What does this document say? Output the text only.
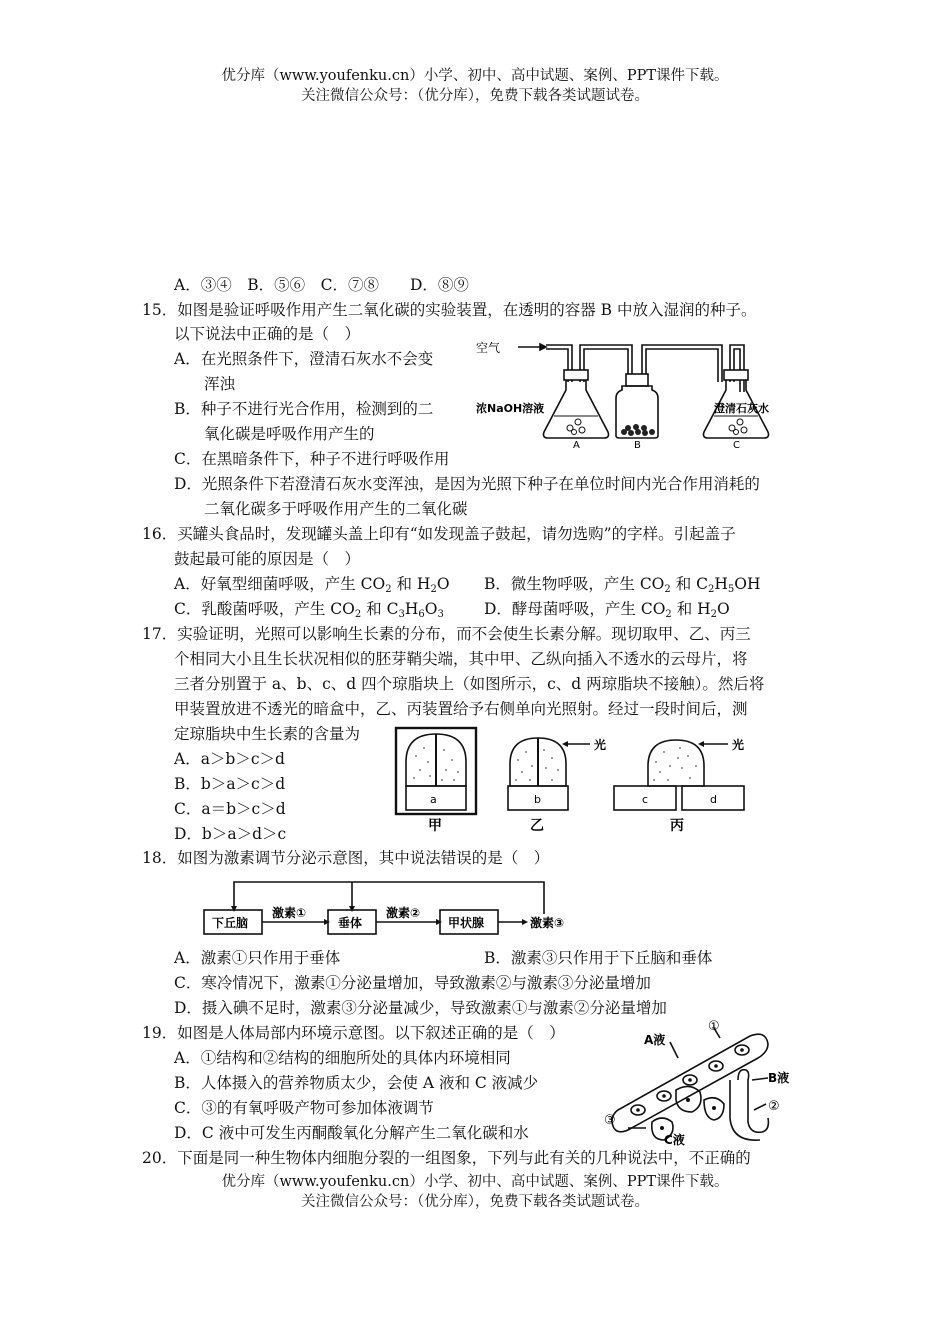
优分库（www.youfenku.cn）小学、初中、高中试题、案例、PPT课件下载。
关注微信公众号：（优分库），免费下载各类试题试卷。
A．③④　B．⑤⑥　C．⑦⑧　　D．⑧⑨
15．如图是验证呼吸作用产生二氧化碳的实验装置，在透明的容器 B 中放入湿润的种子。
以下说法中正确的是（　）
A．在光照条件下，澄清石灰水不会变
浑浊
B．种子不进行光合作用，检测到的二
氧化碳是呼吸作用产生的
C．在黑暗条件下，种子不进行呼吸作用
D．光照条件下若澄清石灰水变浑浊，是因为光照下种子在单位时间内光合作用消耗的
二氧化碳多于呼吸作用产生的二氧化碳
空气
浓NaOH溶液	澄清石灰水
A	B	C
16．买罐头食品时，发现罐头盖上印有“如发现盖子鼓起，请勿选购”的字样。引起盖子
鼓起最可能的原因是（　）
A．好氧型细菌呼吸，产生 $CO_2$ 和 $H_2O$ B．微生物呼吸，产生 $CO_2$ 和 $C_2H_5OH$
C．乳酸菌呼吸，产生 $CO_2$ 和 $C_3H_6O_3$	D．酵母菌呼吸，产生 $CO_2$ 和 $H_2O$
17．实验证明，光照可以影响生长素的分布，而不会使生长素分解。现切取甲、乙、丙三
个相同大小且生长状况相似的胚芽鞘尖端，其中甲、乙纵向插入不透水的云母片，将
三者分别置于 a、b、c、d 四个琼脂块上（如图所示，c、d 两琼脂块不接触）。然后将
甲装置放进不透光的暗盒中，乙、丙装置给予右侧单向光照射。经过一段时间后，测
定琼脂块中生长素的含量为
A．a＞b＞c＞d
B．b＞a＞c＞d
C．a＝b＞c＞d
D．b＞a＞d＞c
a	b	c	d
光	光
甲	乙	丙
18．如图为激素调节分泌示意图，其中说法错误的是（　）
下丘脑
激素①
垂体
激素②
甲状腺	激素③
A．激素①只作用于垂体	B．激素③只作用于下丘脑和垂体
C．寒冷情况下，激素①分泌量增加，导致激素②与激素③分泌量增加
D．摄入碘不足时，激素③分泌量减少，导致激素①与激素②分泌量增加
19．如图是人体局部内环境示意图。以下叙述正确的是（　）
A．①结构和②结构的细胞所处的具体内环境相同
B．人体摄入的营养物质太少，会使 A 液和 C 液减少
C．③的有氧呼吸产物可参加体液调节
D．C 液中可发生丙酮酸氧化分解产生二氧化碳和水
A液
①
B液
②
③
C液
20．下面是同一种生物体内细胞分裂的一组图象，下列与此有关的几种说法中，不正确的
优分库（www.youfenku.cn）小学、初中、高中试题、案例、PPT课件下载。
关注微信公众号：（优分库），免费下载各类试题试卷。
